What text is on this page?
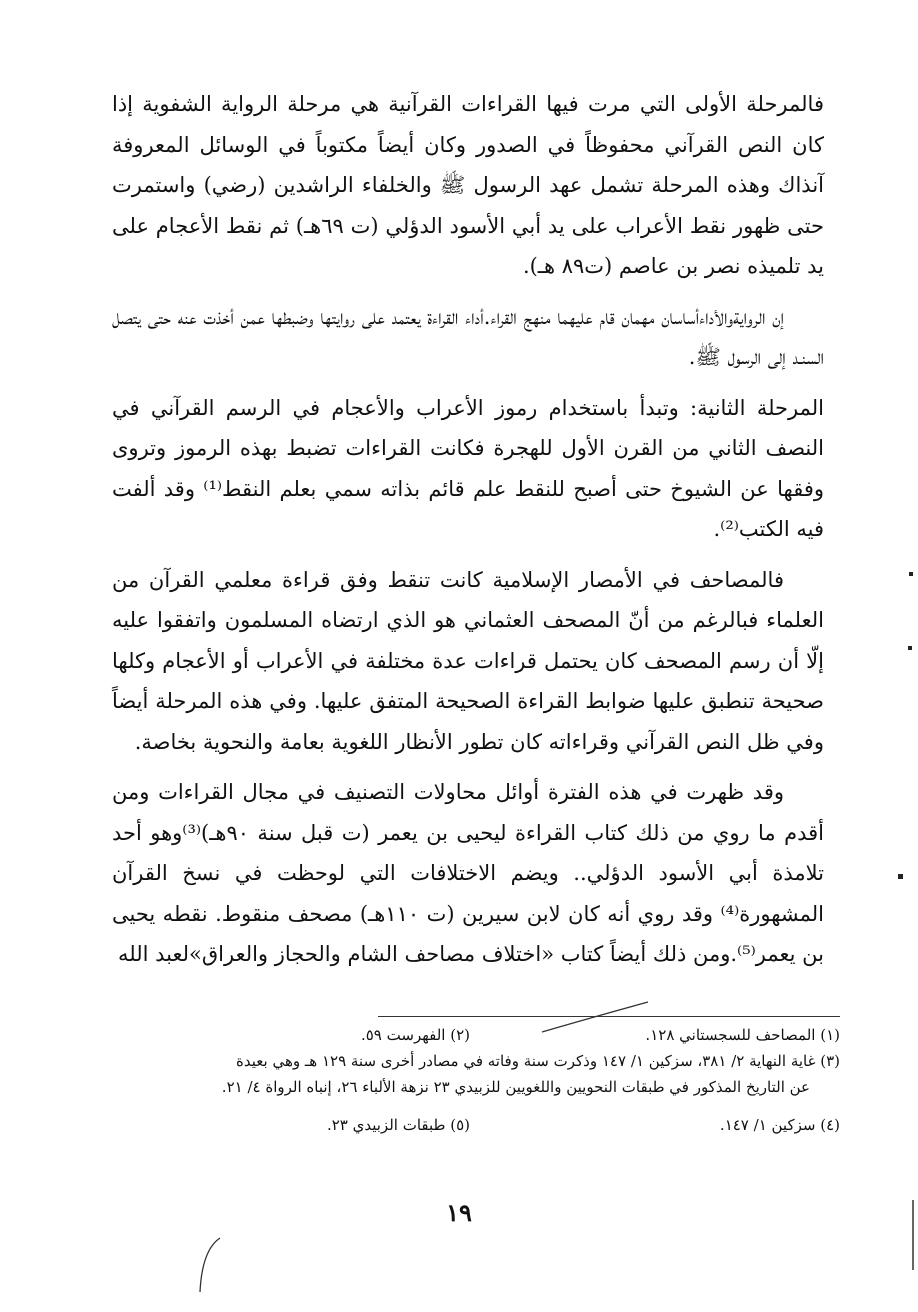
فالمرحلة الأولى التي مرت فيها القراءات القرآنية هي مرحلة الرواية الشفوية إذا كان النص القرآني محفوظاً في الصدور وكان أيضاً مكتوباً في الوسائل المعروفة آنذاك وهذه المرحلة تشمل عهد الرسول ﷺ والخلفاء الراشدين (رضي) واستمرت حتى ظهور نقط الأعراب على يد أبي الأسود الدؤلي (ت ٦٩هـ) ثم نقط الأعجام على يد تلميذه نصر بن عاصم (ت٨٩ هـ).

إن الروايةوالأداءأساسان مهمان قام عليهما منهج القراء.أداء القراءة يعتمد على روايتها وضبطها عمن أخذت عنه حتى يتصل السنـد إلى الرسول ﷺ.

المرحلة الثانية: وتبدأ باستخدام رموز الأعراب والأعجام في الرسم القرآني في النصف الثاني من القرن الأول للهجرة فكانت القراءات تضبط بهذه الرموز وتروى وفقها عن الشيوخ حتى أصبح للنقط علم قائم بذاته سمي بعلم النقط⁽¹⁾ وقد ألفت فيه الكتب⁽²⁾.

فالمصاحف في الأمصار الإسلامية كانت تنقط وفق قراءة معلمي القرآن من العلماء فبالرغم من أنّ المصحف العثماني هو الذي ارتضاه المسلمون واتفقوا عليه إلّا أن رسم المصحف كان يحتمل قراءات عدة مختلفة في الأعراب أو الأعجام وكلها صحيحة تنطبق عليها ضوابط القراءة الصحيحة المتفق عليها. وفي هذه المرحلة أيضاً وفي ظل النص القرآني وقراءاته كان تطور الأنظار اللغوية بعامة والنحوية بخاصة.

وقد ظهرت في هذه الفترة أوائل محاولات التصنيف في مجال القراءات ومن أقدم ما روي من ذلك كتاب القراءة ليحيى بن يعمر (ت قبل سنة ٩٠هـ)⁽³⁾وهو أحد تلامذة أبي الأسود الدؤلي.. ويضم الاختلافات التي لوحظت في نسخ القرآن المشهورة⁽⁴⁾ وقد روي أنه كان لابن سيرين (ت ١١٠هـ) مصحف منقوط. نقطه يحيى بن يعمر⁽⁵⁾.ومن ذلك أيضاً كتاب «اختلاف مصاحف الشام والحجاز والعراق»لعبد الله

(١) المصاحف للسجستاني ١٢٨.
(٢) الفهرست ٥٩.
(٣) غاية النهاية ٢/ ٣٨١، سزكين ١/ ١٤٧ وذكرت سنة وفاته في مصادر أخرى سنة ١٢٩ هـ وهي بعيدة
عن التاريخ المذكور في طبقات النحويين واللغويين للزبيدي ٢٣ نزهة الألباء ٢٦، إنباه الرواة ٤/ ٢١.
(٤) سزكين ١/ ١٤٧.
(٥) طبقات الزبيدي ٢٣.
١٩
